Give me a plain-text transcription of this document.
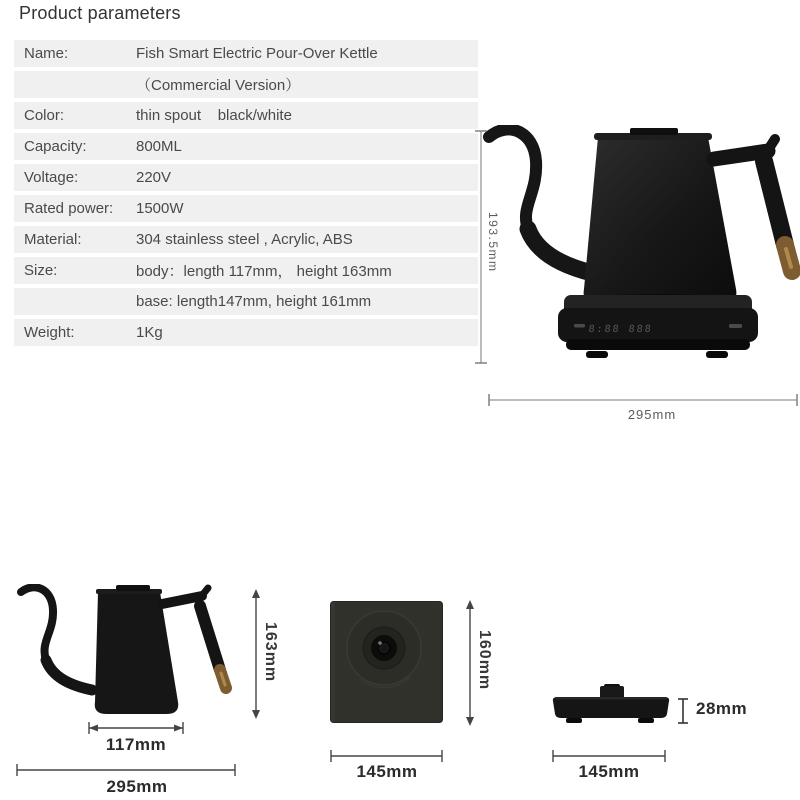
Product parameters
Name:	Fish Smart Electric Pour-Over Kettle
（Commercial Version）
Color:	thin spout    black/white
Capacity:	800ML
Voltage:	220V
Rated power:	1500W
Material:	304 stainless steel , Acrylic, ABS
Size:	body：length 117mm， height 163mm
base: length147mm, height 161mm
Weight:	1Kg	8:88 888
193.5mm
295mm
163mm
117mm
295mm
160mm
145mm
28mm
145mm
